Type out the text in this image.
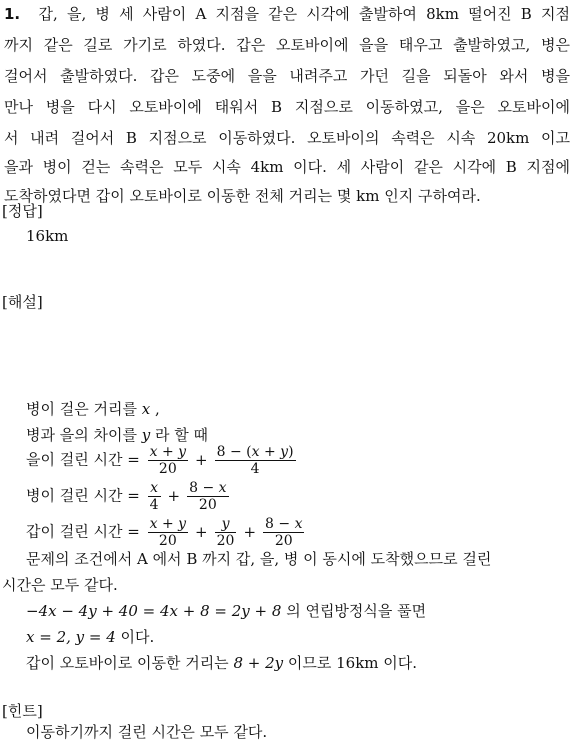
1. 갑, 을, 병 세 사람이 A 지점을 같은 시각에 출발하여 8km 떨어진 B 지점
까지 같은 길로 가기로 하였다. 갑은 오토바이에 을을 태우고 출발하였고, 병은
걸어서 출발하였다. 갑은 도중에 을을 내려주고 가던 길을 되돌아 와서 병을
만나 병을 다시 오토바이에 태워서 B 지점으로 이동하였고, 을은 오토바이에
서 내려 걸어서 B 지점으로 이동하였다. 오토바이의 속력은 시속 20km 이고
을과 병이 걷는 속력은 모두 시속 4km 이다. 세 사람이 같은 시각에 B 지점에
도착하였다면 갑이 오토바이로 이동한 전체 거리는 몇 km 인지 구하여라.
[정답]
16km
[해설]
병이 걸은 거리를 x ,
병과 을의 차이를 y 라 할 때
을이 걸린 시간 = $\frac{x + y}{20} + \frac{8 - (x + y)}{4}$
병이 걸린 시간 = $\frac{x}{4} + \frac{8 - x}{20}$
갑이 걸린 시간 = $\frac{x + y}{20} + \frac{y}{20} + \frac{8 - x}{20}$
문제의 조건에서 A 에서 B 까지 갑, 을, 병 이 동시에 도착했으므로 걸린
시간은 모두 같다.
−4x − 4y + 40 = 4x + 8 = 2y + 8 의 연립방정식을 풀면
x = 2, y = 4 이다.
갑이 오토바이로 이동한 거리는 8 + 2y 이므로 16km 이다.
[힌트]
이동하기까지 걸린 시간은 모두 같다.
